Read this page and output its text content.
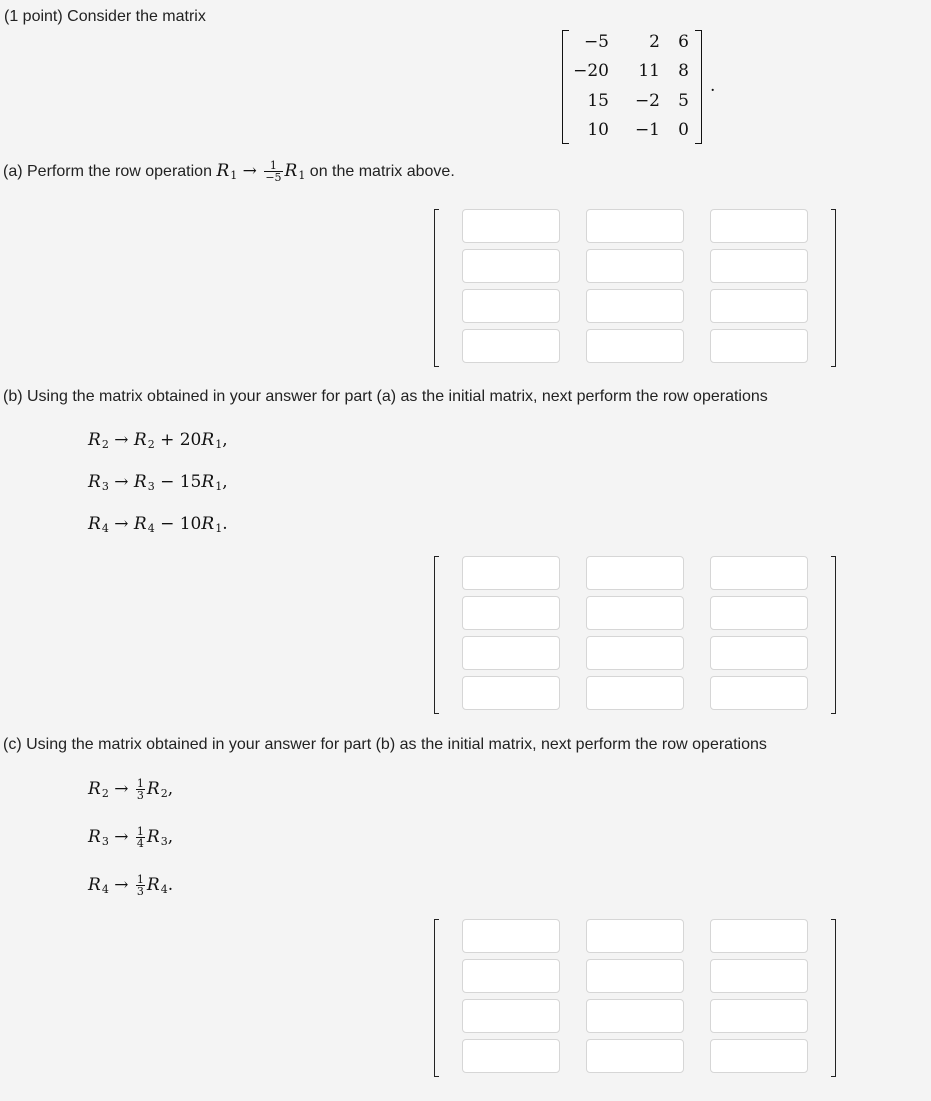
(1 point) Consider the matrix
−5 2 6
−20 11 8
15 −2 5
10 −1 0
.
(a) Perform the row operation $R_1 \to \frac{1}{-5} R_1$ on the matrix above.
(b) Using the matrix obtained in your answer for part (a) as the initial matrix, next perform the row operations
$R_2 \to R_2 + 20R_1$,
$R_3 \to R_3 - 15R_1$,
$R_4 \to R_4 - 10R_1$.
(c) Using the matrix obtained in your answer for part (b) as the initial matrix, next perform the row operations
$R_2 \to \frac{1}{3} R_2$,
$R_3 \to \frac{1}{4} R_3$,
$R_4 \to \frac{1}{3} R_4$.
